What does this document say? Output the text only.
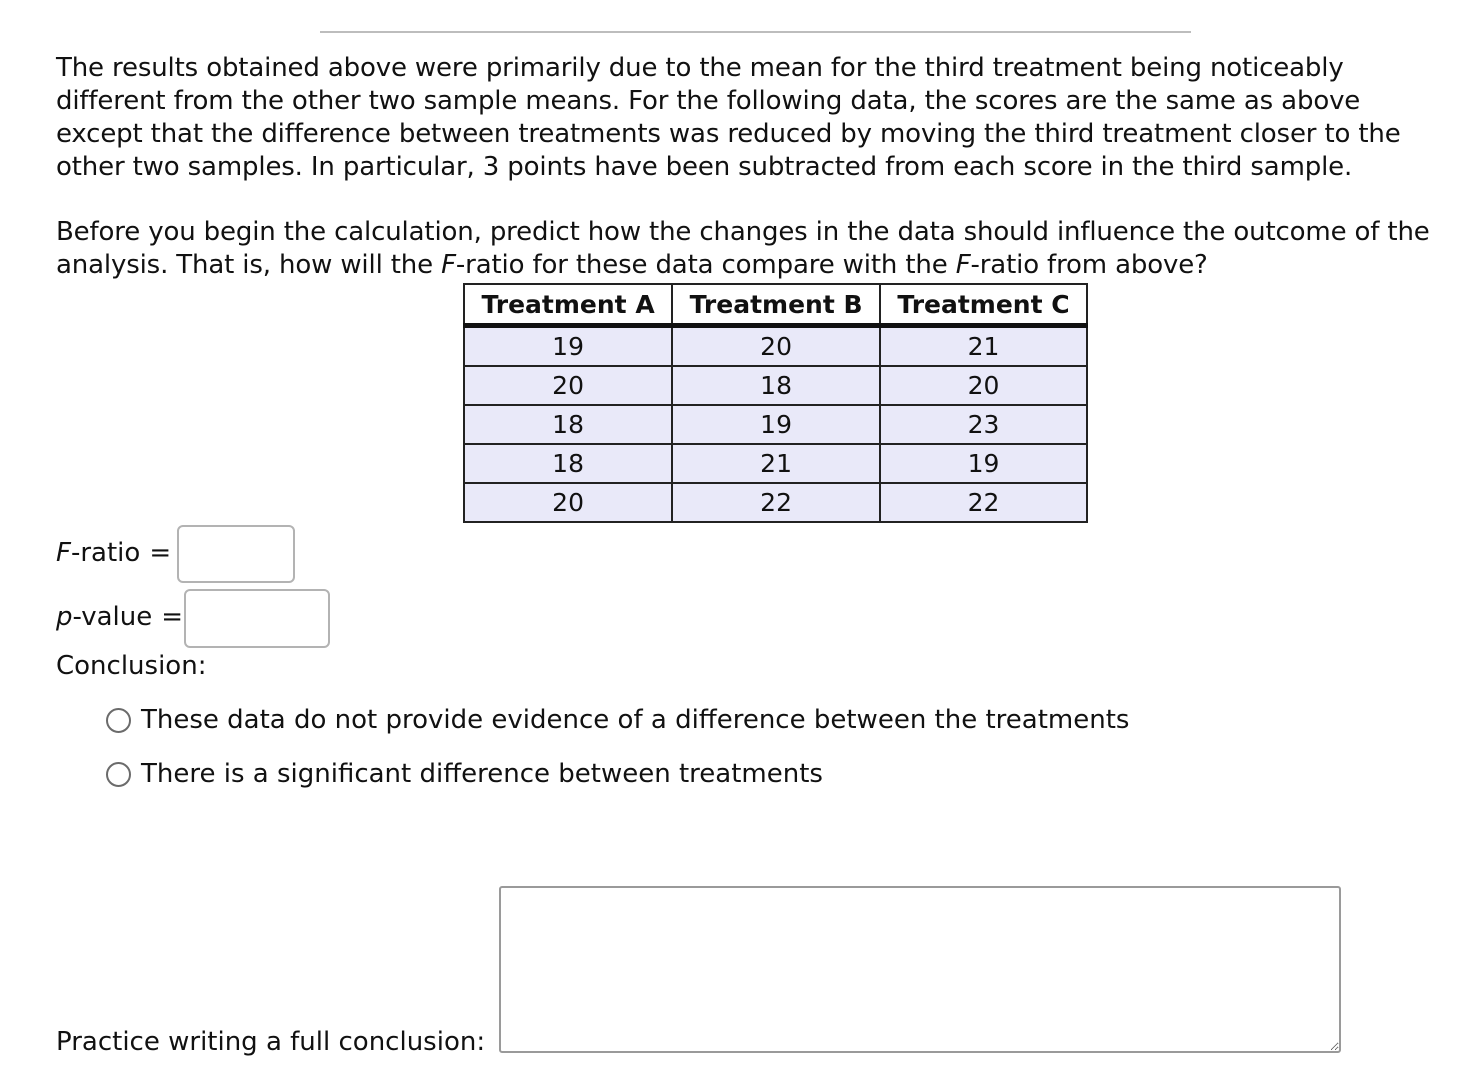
The results obtained above were primarily due to the mean for the third treatment being noticeably different from the other two sample means. For the following data, the scores are the same as above except that the difference between treatments was reduced by moving the third treatment closer to the other two samples. In particular, 3 points have been subtracted from each score in the third sample.

Before you begin the calculation, predict how the changes in the data should influence the outcome of the analysis. That is, how will the F-ratio for these data compare with the F-ratio from above?

Treatment A	Treatment B	Treatment C
19	20	21
20	18	20
18	19	23
18	21	19
20	22	22
F-ratio =
p-value =
Conclusion:
These data do not provide evidence of a difference between the treatments
There is a significant difference between treatments
Practice writing a full conclusion:
